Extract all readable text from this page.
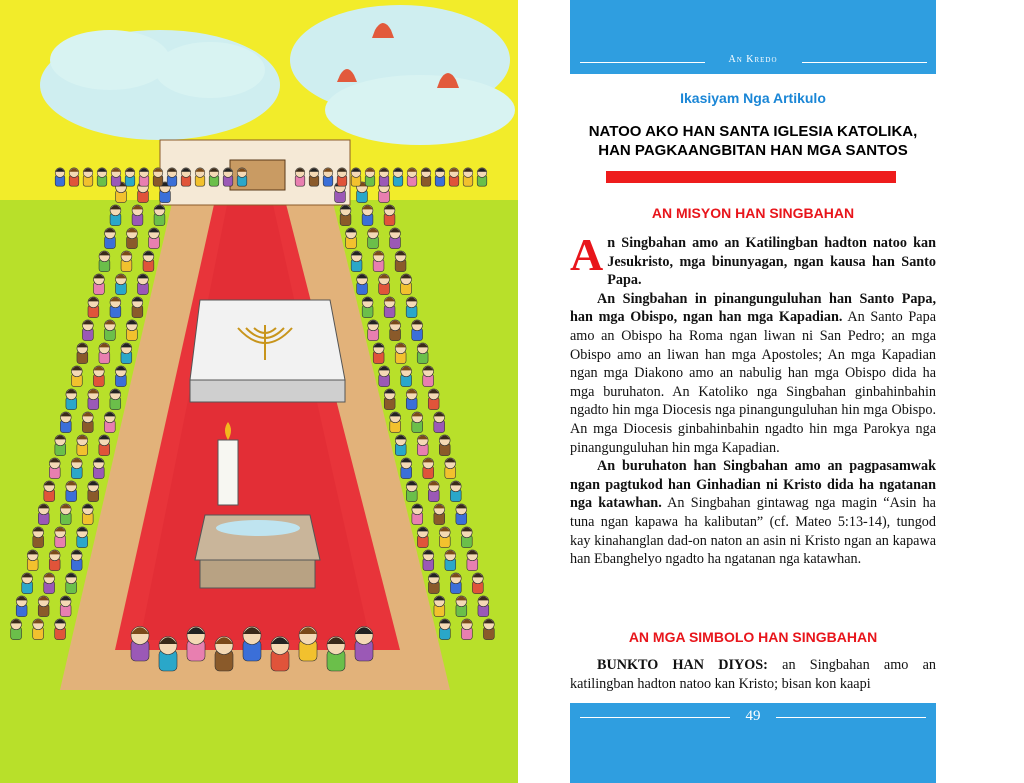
An Kredo
Ikasiyam Nga Artikulo
NATOO AKO HAN SANTA IGLESIA KATOLIKA,
HAN PAGKAANGBITAN HAN MGA SANTOS
AN MISYON HAN SINGBAHAN

An Singbahan amo an Katilingban hadton natoo kan Jesukristo, mga binunyagan, ngan kausa han Santo Papa.

An Singbahan in pinangunguluhan han Santo Papa, han mga Obispo, ngan han mga Kapadian. An Santo Papa amo an Obispo ha Roma ngan liwan ni San Pedro; an mga Obispo amo an liwan han mga Apostoles; An mga Kapadian ngan mga Diakono amo an nabulig han mga Obispo dida ha mga buruhaton. An Katoliko nga Singbahan ginbahinbahin ngadto hin mga Diocesis nga pinangunguluhan hin mga Obispo. An mga Diocesis ginbahinbahin ngadto hin mga Parokya nga pinangunguluhan hin mga Kapadian.

An buruhaton han Singbahan amo an pagpasamwak ngan pagtukod han Ginhadian ni Kristo dida ha ngatanan nga katawhan. An Singbahan gintawag nga magin “Asin ha tuna ngan kapawa ha kalibutan” (cf. Mateo 5:13-14), tungod kay kinahanglan dad-on naton an asin ni Kristo ngan an kapawa han Ebanghelyo ngadto ha ngatanan nga katawhan.

AN MGA SIMBOLO HAN SINGBAHAN

BUNKTO HAN DIYOS: an Singbahan amo an katilingban hadton natoo kan Kristo; bisan kon kaapi

49
